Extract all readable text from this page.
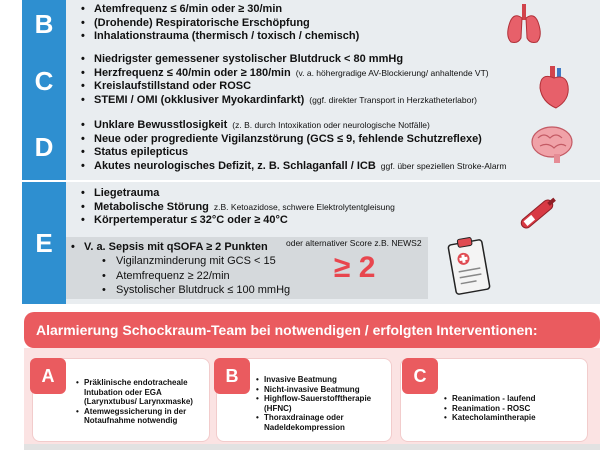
B	• Atemfrequenz ≤ 6/min oder ≥ 30/min
• (Drohende) Respiratorische Erschöpfung
• Inhalationstrauma (thermisch / toxisch / chemisch)
C
• Niedrigster gemessener systolischer Blutdruck < 80 mmHg
• Herzfrequenz ≤ 40/min oder ≥ 180/min (v. a. höhergradige AV-Blockierung/ anhaltende VT)
• Kreislaufstillstand oder ROSC
• STEMI / OMI (okklusiver Myokardinfarkt) (ggf. direkter Transport in Herzkatheterlabor)
D
• Unklare Bewusstlosigkeit (z. B. durch Intoxikation oder neurologische Notfälle)
• Neue oder progrediente Vigilanzstörung (GCS ≤ 9, fehlende Schutzreflexe)
• Status epilepticus
• Akutes neurologisches Defizit, z. B. Schlaganfall / ICB ggf. über speziellen Stroke-Alarm
E
• Liegetrauma
• Metabolische Störung z.B. Ketoazidose, schwere Elektrolytentgleisung
• Körpertemperatur ≤ 32°C oder ≥ 40°C
• V. a. Sepsis mit qSOFA ≥ 2 Punkten oder alternativer Score z.B. NEWS2
• Vigilanzminderung mit GCS < 15
• Atemfrequenz ≥ 22/min
• Systolischer Blutdruck ≤ 100 mmHg
≥ 2
Alarmierung Schockraum-Team bei notwendigen / erfolgten Interventionen:
A	• Präklinische endotracheale
Intubation oder EGA
(Larynxtubus/ Larynxmaske)
• Atemwegssicherung in der
Notaufnahme notwendig
B	• Invasive Beatmung
• Nicht-invasive Beatmung
• Highflow-Sauerstofftherapie
(HFNC)
• Thoraxdrainage oder
Nadeldekompression
C
• Reanimation - laufend
• Reanimation - ROSC
• Katecholamintherapie
